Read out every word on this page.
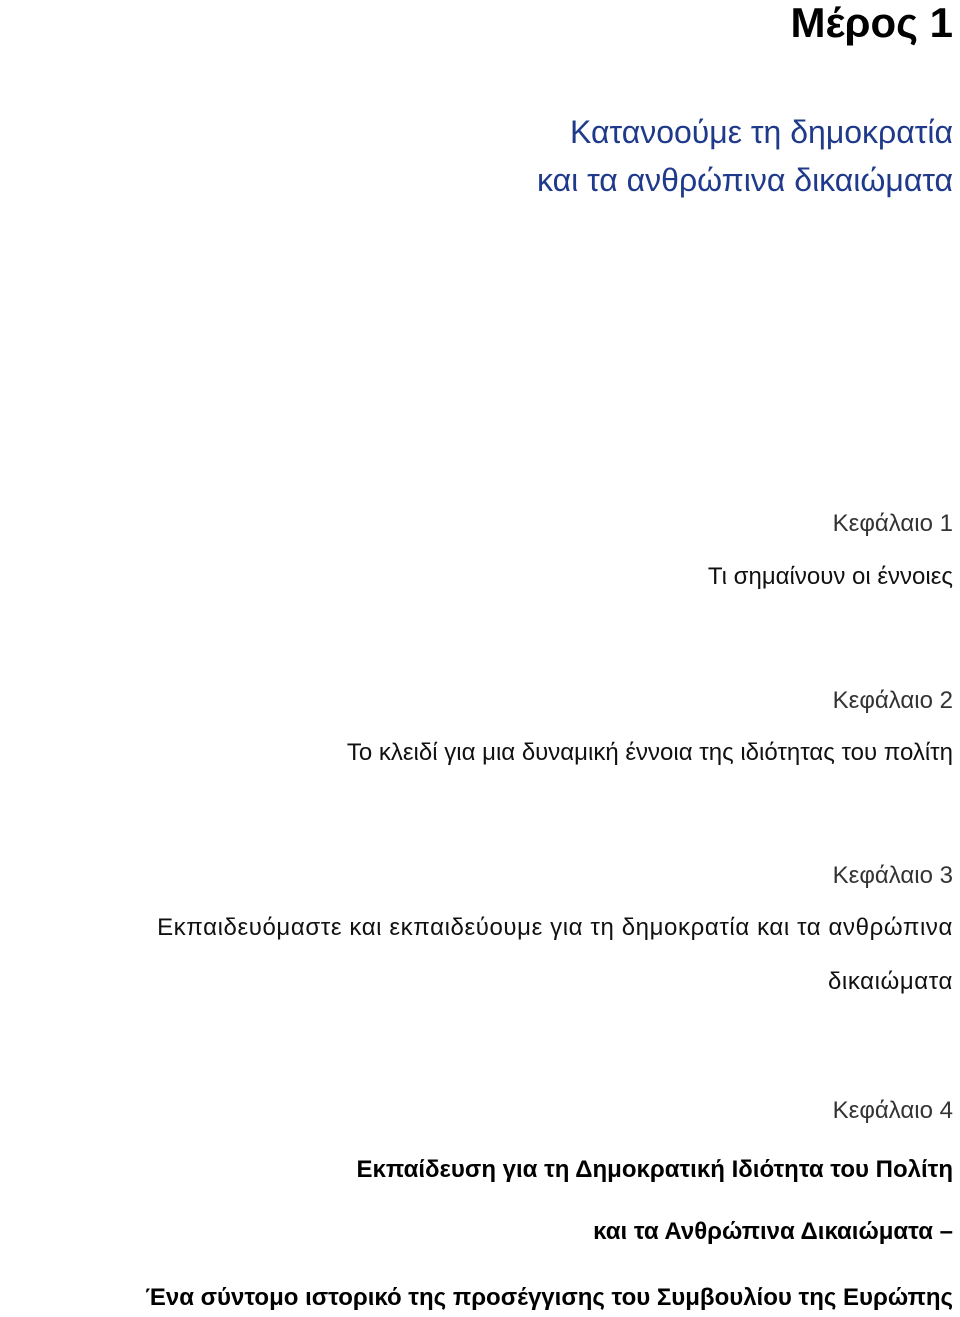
Μέρος 1
Κατανοούμε τη δημοκρατία
και τα ανθρώπινα δικαιώματα
Κεφάλαιο 1
Τι σημαίνουν οι έννοιες
Κεφάλαιο 2
Το κλειδί για μια δυναμική έννοια της ιδιότητας του πολίτη
Κεφάλαιο 3
Εκπαιδευόμαστε και εκπαιδεύουμε για τη δημοκρατία και τα ανθρώπινα
δικαιώματα
Κεφάλαιο 4
Εκπαίδευση για τη Δημοκρατική Ιδιότητα του Πολίτη
και τα Ανθρώπινα Δικαιώματα –
Ένα σύντομο ιστορικό της προσέγγισης του Συμβουλίου της Ευρώπης
